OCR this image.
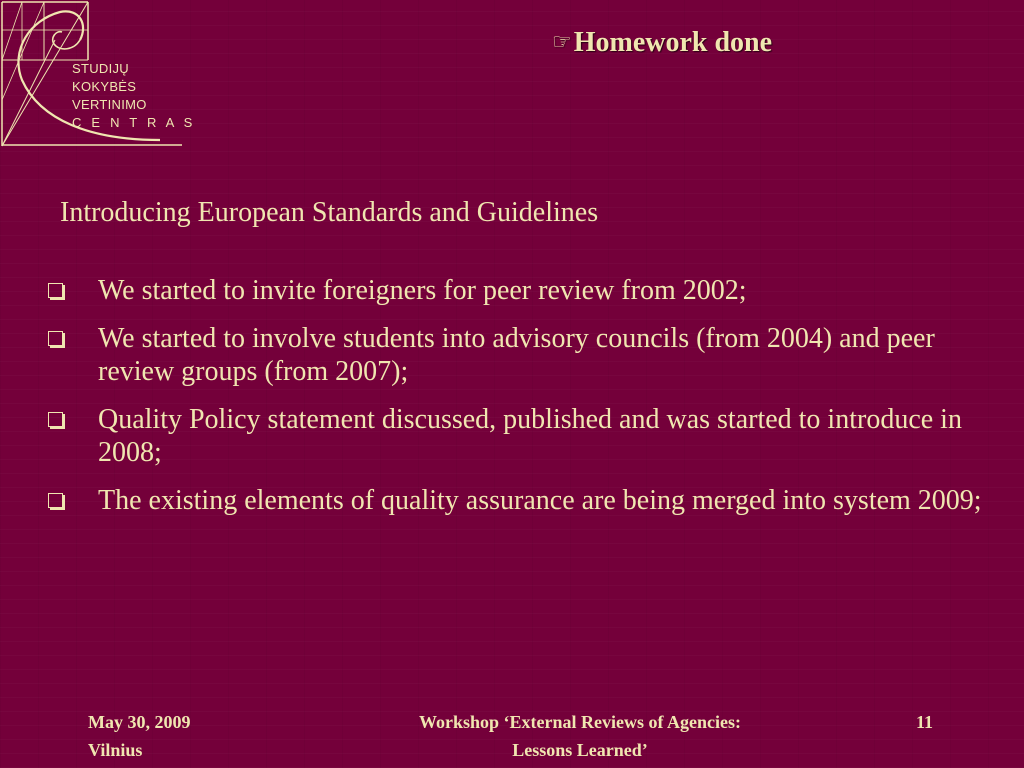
STUDIJŲ
KOKYBĖS
VERTINIMO
C E N T R A S
☞Homework done
Introducing European Standards and Guidelines
We started to invite foreigners for peer review from 2002;
We started to involve students into advisory councils (from 2004) and peer review groups (from 2007);
Quality Policy statement discussed, published and was started to introduce in 2008;
The existing elements of quality assurance are being merged into system 2009;
May 30, 2009
Vilnius
Workshop ‘External Reviews of Agencies:
Lessons Learned’
11
